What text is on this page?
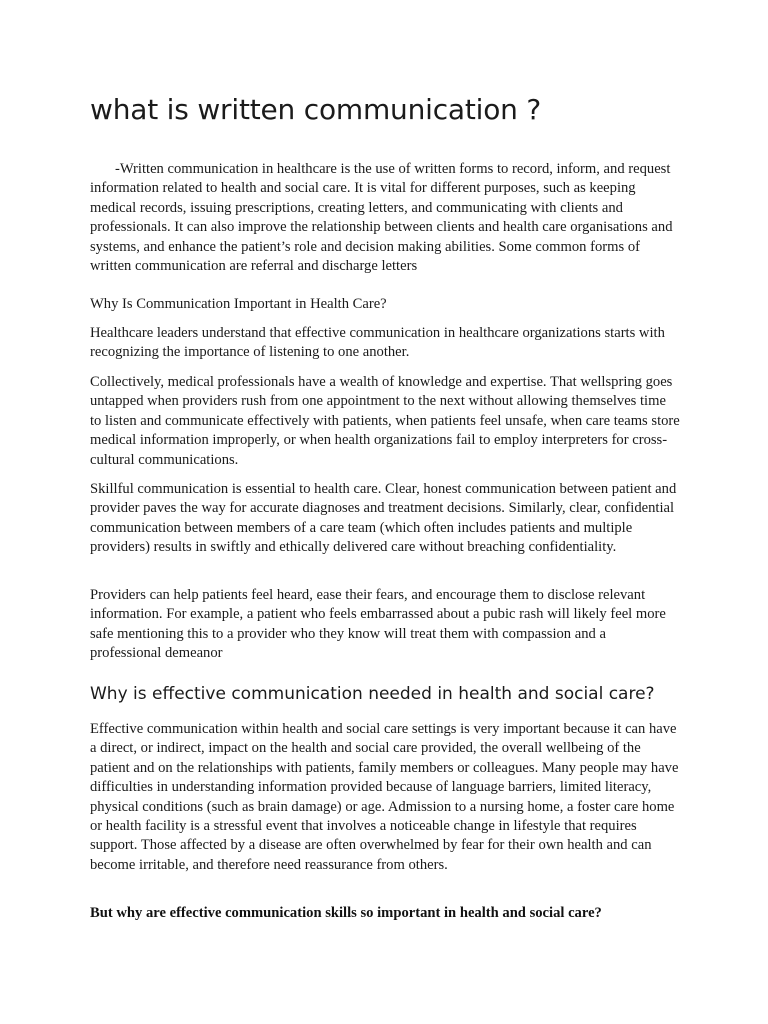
what is written communication ?

-Written communication in healthcare is the use of written forms to record, inform, and request information related to health and social care. It is vital for different purposes, such as keeping medical records, issuing prescriptions, creating letters, and communicating with clients and professionals. It can also improve the relationship between clients and health care organisations and systems, and enhance the patient’s role and decision making abilities. Some common forms of written communication are referral and discharge letters

Why Is Communication Important in Health Care?

Healthcare leaders understand that effective communication in healthcare organizations starts with recognizing the importance of listening to one another.

Collectively, medical professionals have a wealth of knowledge and expertise. That wellspring goes untapped when providers rush from one appointment to the next without allowing themselves time to listen and communicate effectively with patients, when patients feel unsafe, when care teams store medical information improperly, or when health organizations fail to employ interpreters for cross-cultural communications.

Skillful communication is essential to health care. Clear, honest communication between patient and provider paves the way for accurate diagnoses and treatment decisions. Similarly, clear, confidential communication between members of a care team (which often includes patients and multiple providers) results in swiftly and ethically delivered care without breaching confidentiality.

Providers can help patients feel heard, ease their fears, and encourage them to disclose relevant information. For example, a patient who feels embarrassed about a pubic rash will likely feel more safe mentioning this to a provider who they know will treat them with compassion and a professional demeanor

Why is effective communication needed in health and social care?

Effective communication within health and social care settings is very important because it can have a direct, or indirect, impact on the health and social care provided, the overall wellbeing of the patient and on the relationships with patients, family members or colleagues. Many people may have difficulties in understanding information provided because of language barriers, limited literacy, physical conditions (such as brain damage) or age. Admission to a nursing home, a foster care home or health facility is a stressful event that involves a noticeable change in lifestyle that requires support. Those affected by a disease are often overwhelmed by fear for their own health and can become irritable, and therefore need reassurance from others.

But why are effective communication skills so important in health and social care?
